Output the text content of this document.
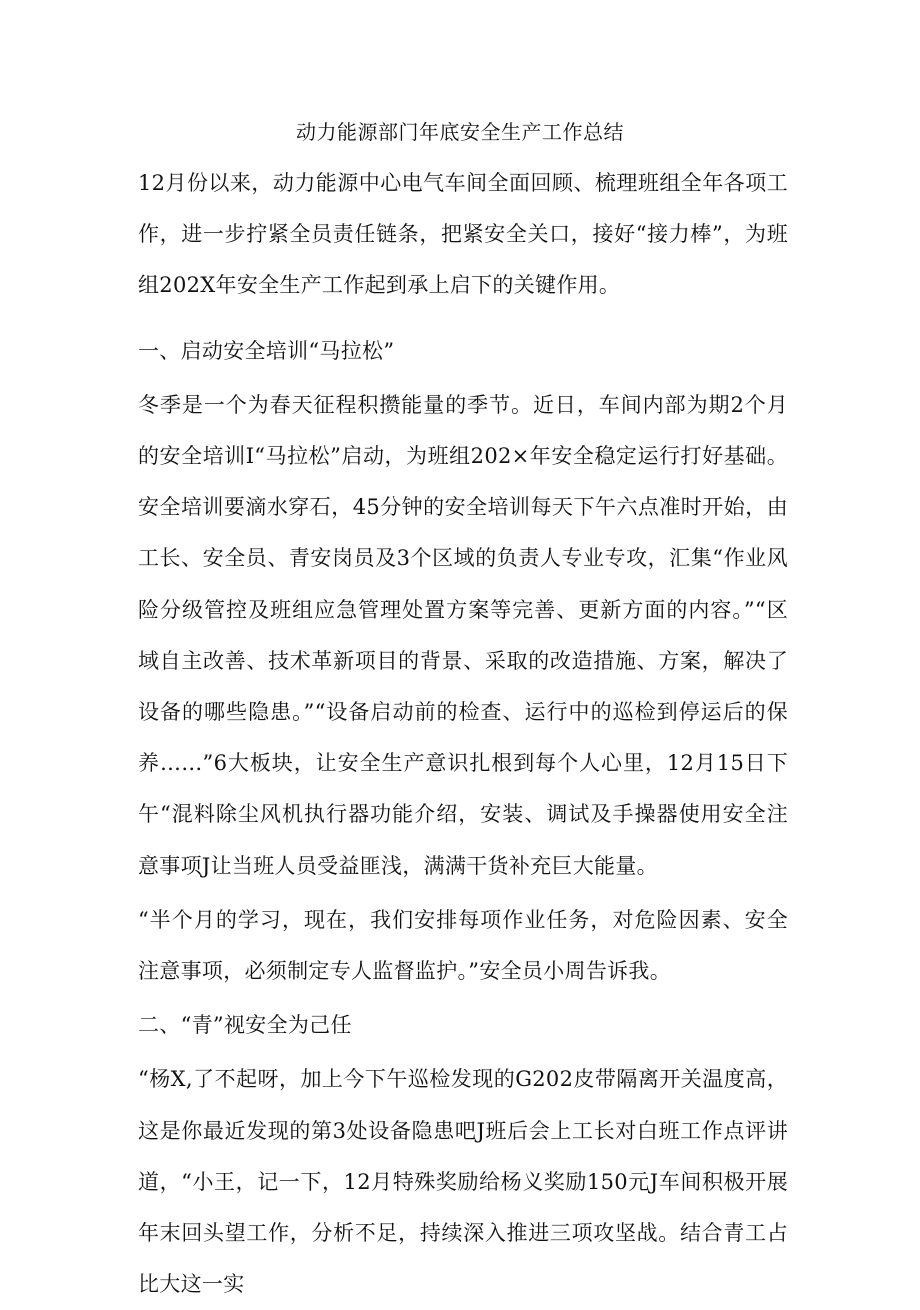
动力能源部门年底安全生产工作总结

12月份以来，动力能源中心电气车间全面回顾、梳理班组全年各项工作，进一步拧紧全员责任链条，把紧安全关口，接好“接力棒”，为班组202X年安全生产工作起到承上启下的关键作用。

一、启动安全培训“马拉松”

冬季是一个为春天征程积攒能量的季节。近日，车间内部为期2个月的安全培训I“马拉松”启动，为班组202×年安全稳定运行打好基础。安全培训要滴水穿石，45分钟的安全培训每天下午六点准时开始，由工长、安全员、青安岗员及3个区域的负责人专业专攻，汇集“作业风险分级管控及班组应急管理处置方案等完善、更新方面的内容。”“区域自主改善、技术革新项目的背景、采取的改造措施、方案，解决了设备的哪些隐患。”“设备启动前的检查、运行中的巡检到停运后的保养……”6大板块，让安全生产意识扎根到每个人心里，12月15日下午“混料除尘风机执行器功能介绍，安装、调试及手操器使用安全注意事项J让当班人员受益匪浅，满满干货补充巨大能量。

“半个月的学习，现在，我们安排每项作业任务，对危险因素、安全注意事项，必须制定专人监督监护。”安全员小周告诉我。

二、“青”视安全为己任

“杨X,了不起呀，加上今下午巡检发现的G202皮带隔离开关温度高，这是你最近发现的第3处设备隐患吧J班后会上工长对白班工作点评讲道，“小王，记一下，12月特殊奖励给杨义奖励150元J车间积极开展年末回头望工作，分析不足，持续深入推进三项攻坚战。结合青工占比大这一实
